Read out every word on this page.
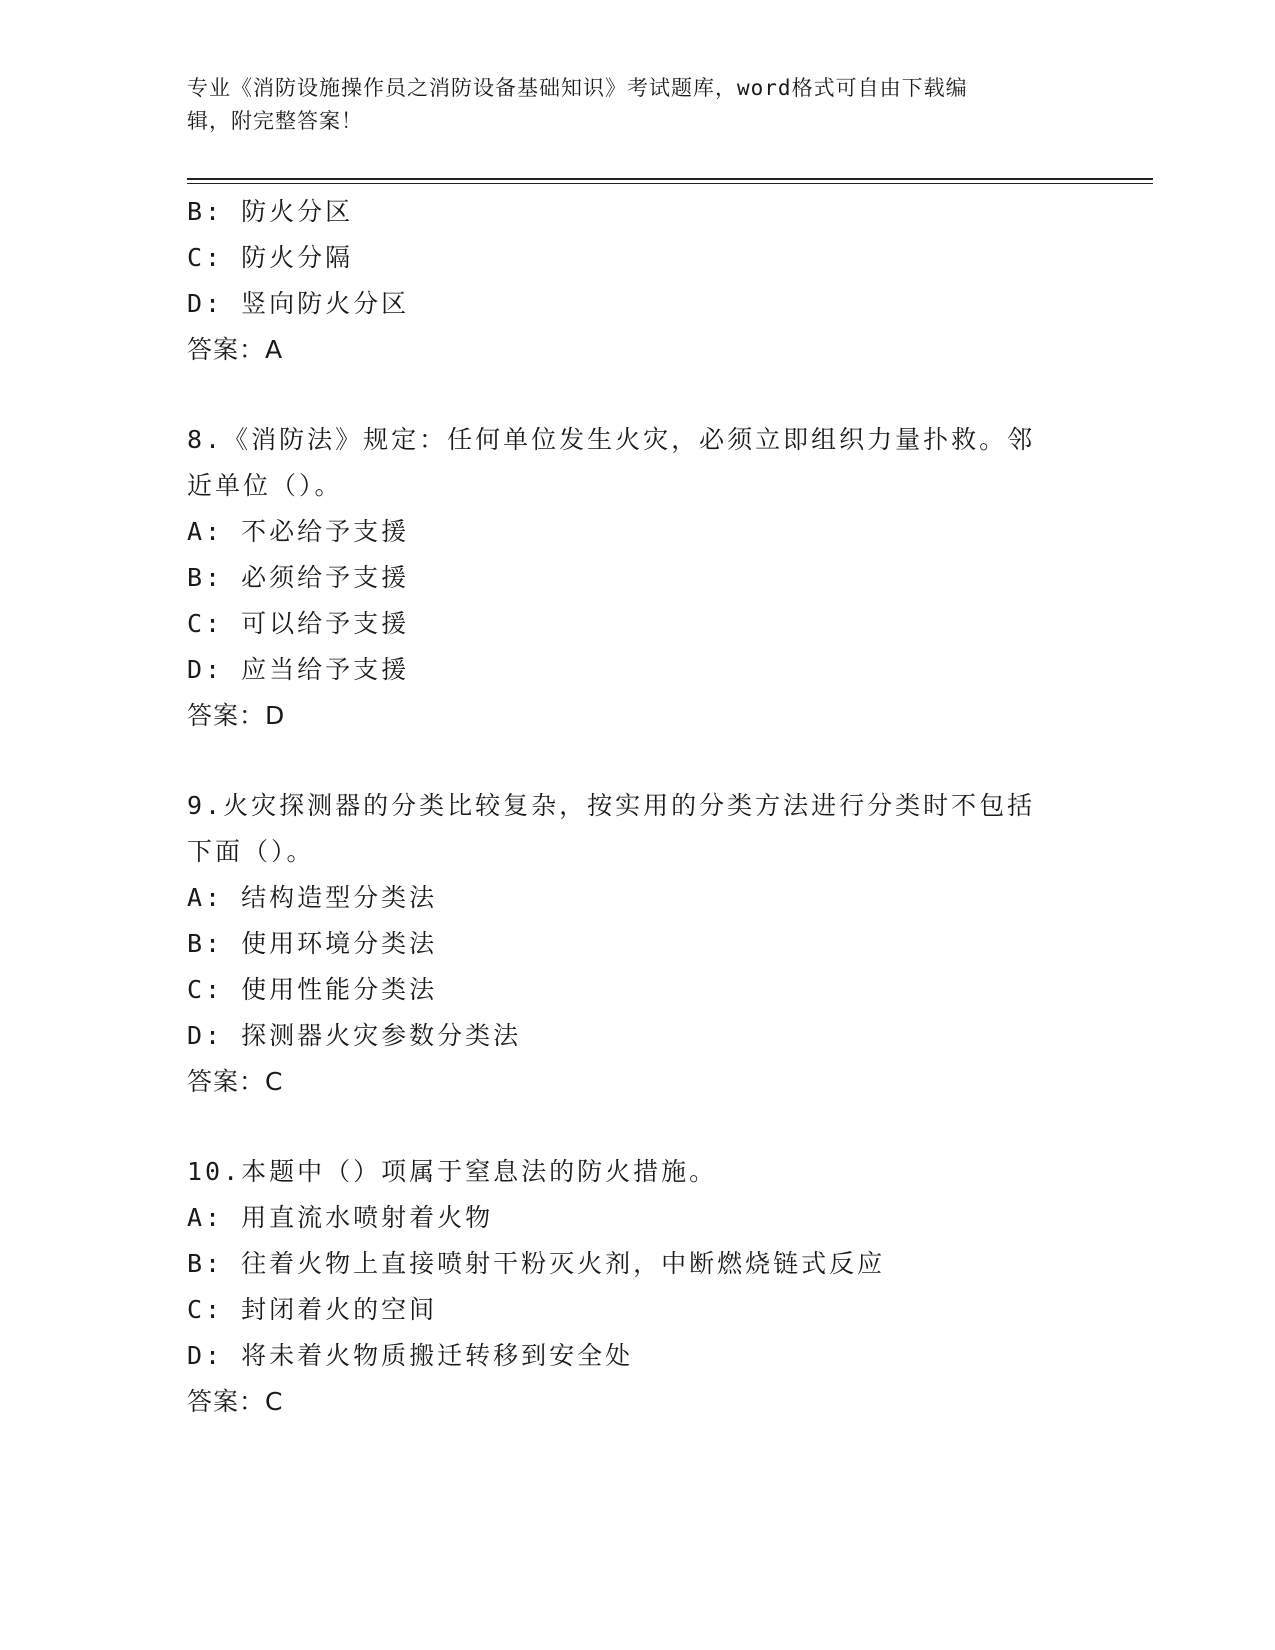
专业《消防设施操作员之消防设备基础知识》考试题库，word格式可自由下载编
辑，附完整答案！
B: 防火分区
C: 防火分隔
D: 竖向防火分区
答案：A
8.《消防法》规定：任何单位发生火灾，必须立即组织力量扑救。邻
近单位（）。
A: 不必给予支援
B: 必须给予支援
C: 可以给予支援
D: 应当给予支援
答案：D
9.火灾探测器的分类比较复杂，按实用的分类方法进行分类时不包括
下面（）。
A: 结构造型分类法
B: 使用环境分类法
C: 使用性能分类法
D: 探测器火灾参数分类法
答案：C
10.本题中（）项属于窒息法的防火措施。
A: 用直流水喷射着火物
B: 往着火物上直接喷射干粉灭火剂，中断燃烧链式反应
C: 封闭着火的空间
D: 将未着火物质搬迁转移到安全处
答案：C
